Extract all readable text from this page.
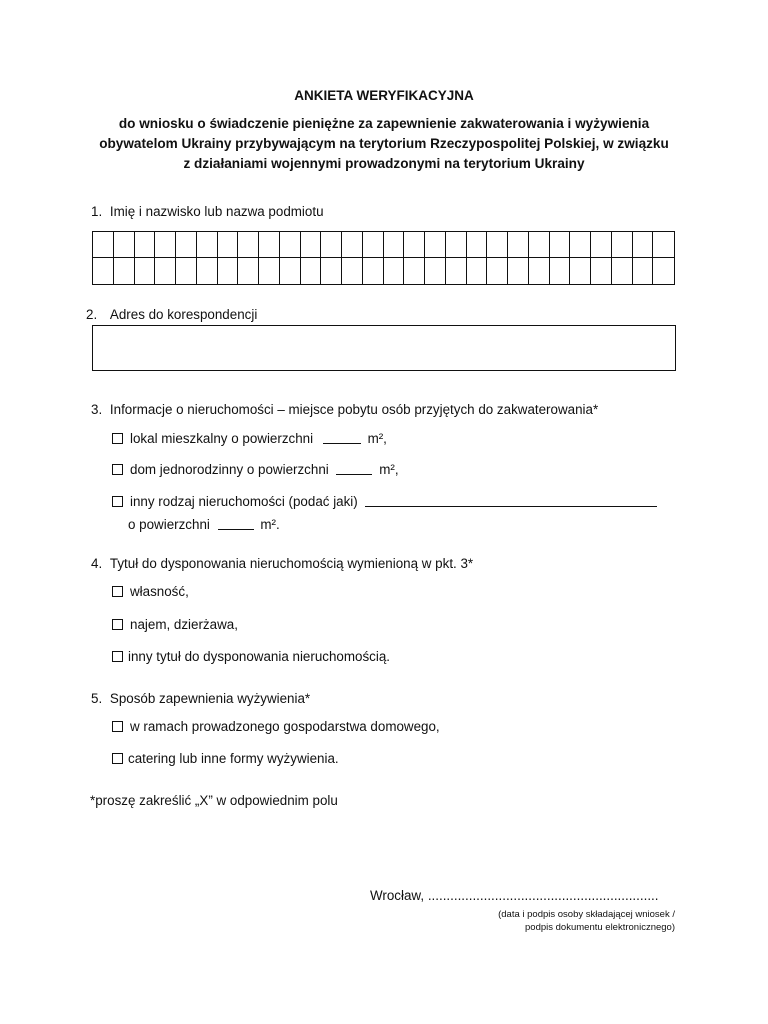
ANKIETA WERYFIKACYJNA
do wniosku o świadczenie pieniężne za zapewnienie zakwaterowania i wyżywienia
obywatelom Ukrainy przybywającym na terytorium Rzeczypospolitej Polskiej, w związku
z działaniami wojennymi prowadzonymi na terytorium Ukrainy
1. Imię i nazwisko lub nazwa podmiotu
2. Adres do korespondencji
3. Informacje o nieruchomości – miejsce pobytu osób przyjętych do zakwaterowania*
lokal mieszkalny o powierzchni	m²,
dom jednorodzinny o powierzchni	m²,
inny rodzaj nieruchomości (podać jaki)
o powierzchni	m².
4. Tytuł do dysponowania nieruchomością wymienioną w pkt. 3*
własność,
najem, dzierżawa,
inny tytuł do dysponowania nieruchomością.
5. Sposób zapewnienia wyżywienia*
w ramach prowadzonego gospodarstwa domowego,
catering lub inne formy wyżywienia.
*proszę zakreślić „X” w odpowiednim polu
Wrocław, ..............................................................
(data i podpis osoby składającej wniosek /
podpis dokumentu elektronicznego)
